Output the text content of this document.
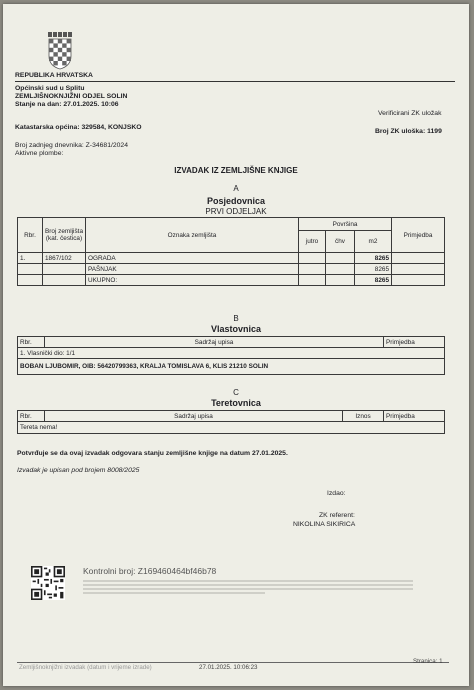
REPUBLIKA HRVATSKA
Općinski sud u Splitu
ZEMLJIŠNOKNJIŽNI ODJEL SOLIN
Stanje na dan: 27.01.2025. 10:06
Verificirani ZK uložak
Katastarska općina: 329584, KONJSKO
Broj ZK uloška: 1199
Broj zadnjeg dnevnika: Z-34681/2024
Aktivne plombe:
IZVADAK IZ ZEMLJIŠNE KNJIGE
A
Posjedovnica
PRVI ODJELJAK
Rbr.	Broj zemljišta (kat. čestica)	Oznaka zemljišta	Površina			Primjedba
			jutro	čhv	m2	
1.	1867/102	OGRADA			8265	
		PAŠNJAK			8265	
		UKUPNO:			8265	
B
Vlastovnica
Rbr.	Sadržaj upisa	Primjedba
1. Vlasnički dio: 1/1
BOBAN LJUBOMIR, OIB: 56420799363, KRALJA TOMISLAVA 6, KLIS 21210 SOLIN
C
Teretovnica
Rbr.	Sadržaj upisa	Iznos	Primjedba
Tereta nema!
Potvrđuje se da ovaj izvadak odgovara stanju zemljišne knjige na datum 27.01.2025.
Izvadak je upisan pod brojem 8008/2025
Izdao:
ZK referent:
NIKOLINA SIKIRICA
Kontrolni broj: Z169460464bf46b78
Zemljišnoknjižni izvadak (datum i vrijeme izrade)	27.01.2025. 10:06:23
Stranica: 1
